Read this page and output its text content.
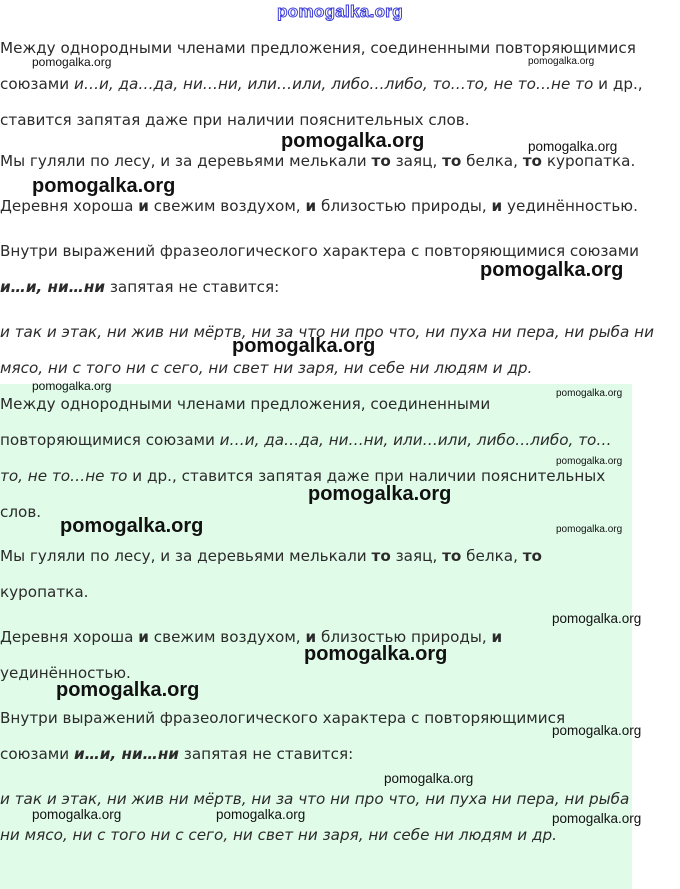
pomogalka.org

Между однородными членами предложения, соединенными повторяющимися союзами и…и, да…да, ни…ни, или…или, либо…либо, то…то, не то…не то и др., ставится запятая даже при наличии пояснительных слов.

Мы гуляли по лесу, и за деревьями мелькали то заяц, то белка, то куропатка.

Деревня хороша и свежим воздухом, и близостью природы, и уединённостью.

Внутри выражений фразеологического характера с повторяющимися союзами и…и, ни…ни запятая не ставится:

и так и этак, ни жив ни мёртв, ни за что ни про что, ни пуха ни пера, ни рыба ни мясо, ни с того ни с сего, ни свет ни заря, ни себе ни людям и др.

Между однородными членами предложения, соединенными повторяющимися союзами и…и, да…да, ни…ни, или…или, либо…либо, то…то, не то…не то и др., ставится запятая даже при наличии пояснительных слов.

Мы гуляли по лесу, и за деревьями мелькали то заяц, то белка, то куропатка.

Деревня хороша и свежим воздухом, и близостью природы, и уединённостью.

Внутри выражений фразеологического характера с повторяющимися союзами и…и, ни…ни запятая не ставится:

и так и этак, ни жив ни мёртв, ни за что ни про что, ни пуха ни пера, ни рыба ни мясо, ни с того ни с сего, ни свет ни заря, ни себе ни людям и др.

pomogalka.org	pomogalka.org
pomogalka.org	pomogalka.org
pomogalka.org
pomogalka.org
pomogalka.org
pomogalka.org
pomogalka.org
pomogalka.org
pomogalka.org
pomogalka.org	pomogalka.org
pomogalka.org
pomogalka.org
pomogalka.org
pomogalka.org
pomogalka.org
pomogalka.org	pomogalka.org	pomogalka.org
